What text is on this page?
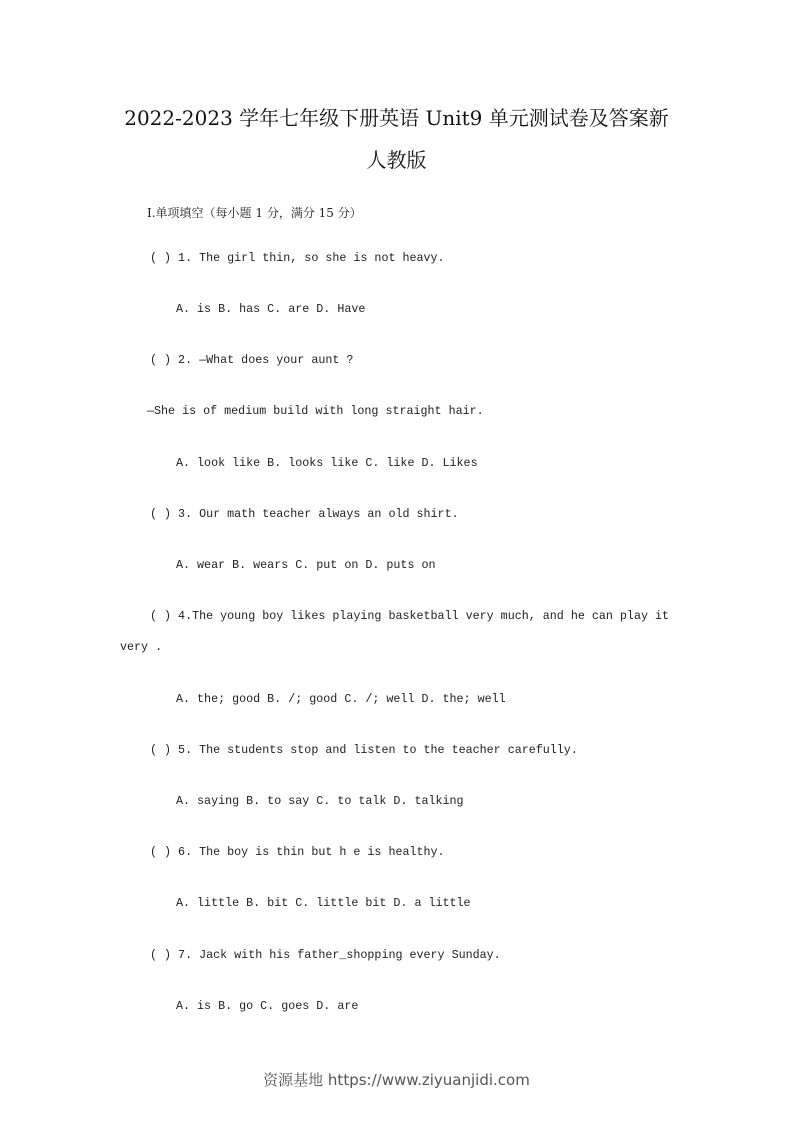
2022-2023 学年七年级下册英语 Unit9 单元测试卷及答案新
人教版
I.单项填空（每小题 1 分，满分 15 分）
( ) 1. The girl thin, so she is not heavy.
A. is B. has C. are D. Have
( ) 2. —What does your aunt ?
—She is of medium build with long straight hair.
A. look like B. looks like C. like D. Likes
( ) 3. Our math teacher always an old shirt.
A. wear B. wears C. put on D. puts on
( ) 4.The young boy likes playing basketball very much, and he can play it
very .
A. the; good B. /; good C. /; well D. the; well
( ) 5. The students stop and listen to the teacher carefully.
A. saying B. to say C. to talk D. talking
( ) 6. The boy is thin but h e is healthy.
A. little B. bit C. little bit D. a little
( ) 7. Jack with his father_shopping every Sunday.
A. is B. go C. goes D. are
资源基地 https://www.ziyuanjidi.com
